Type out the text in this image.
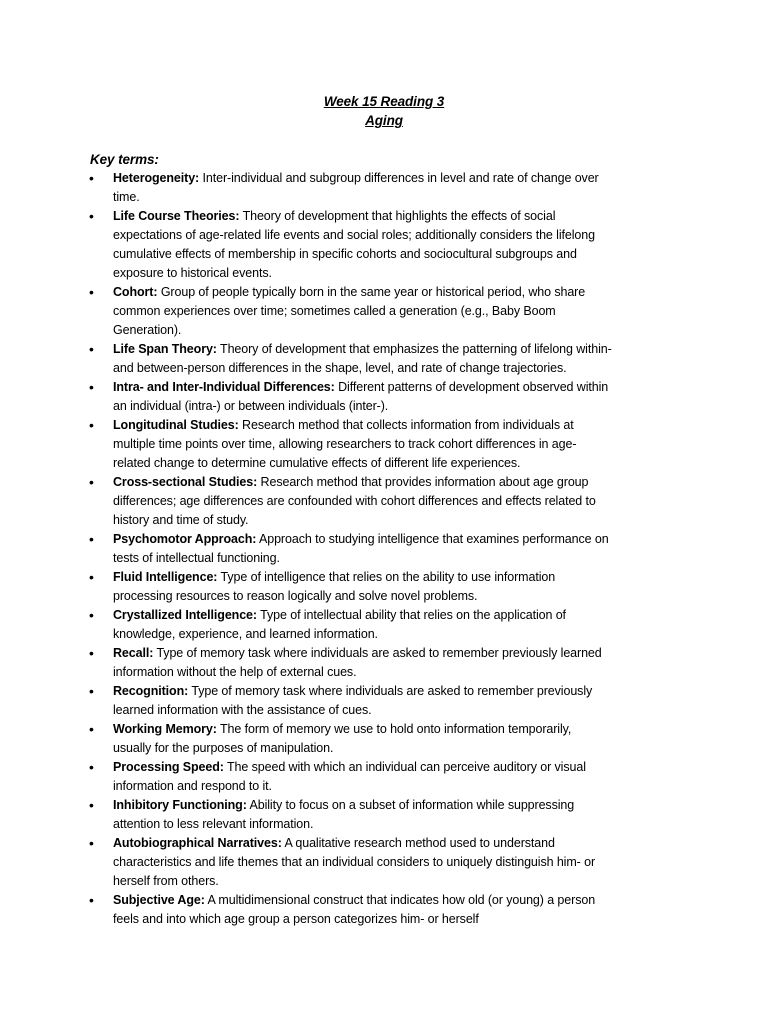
Week 15 Reading 3
Aging
Key terms:
•
Heterogeneity: Inter-individual and subgroup differences in level and rate of change over
time.
•
Life Course Theories: Theory of development that highlights the effects of social
expectations of age-related life events and social roles; additionally considers the lifelong
cumulative effects of membership in specific cohorts and sociocultural subgroups and
exposure to historical events.
•
Cohort: Group of people typically born in the same year or historical period, who share
common experiences over time; sometimes called a generation (e.g., Baby Boom
Generation).
•
Life Span Theory: Theory of development that emphasizes the patterning of lifelong within-
and between-person differences in the shape, level, and rate of change trajectories.
•
Intra- and Inter-Individual Differences: Different patterns of development observed within
an individual (intra-) or between individuals (inter-).
•
Longitudinal Studies: Research method that collects information from individuals at
multiple time points over time, allowing researchers to track cohort differences in age-
related change to determine cumulative effects of different life experiences.
•
Cross-sectional Studies: Research method that provides information about age group
differences; age differences are confounded with cohort differences and effects related to
history and time of study.
•
Psychomotor Approach: Approach to studying intelligence that examines performance on
tests of intellectual functioning.
•
Fluid Intelligence: Type of intelligence that relies on the ability to use information
processing resources to reason logically and solve novel problems.
•
Crystallized Intelligence: Type of intellectual ability that relies on the application of
knowledge, experience, and learned information.
•
Recall: Type of memory task where individuals are asked to remember previously learned
information without the help of external cues.
•
Recognition: Type of memory task where individuals are asked to remember previously
learned information with the assistance of cues.
•
Working Memory: The form of memory we use to hold onto information temporarily,
usually for the purposes of manipulation.
•
Processing Speed: The speed with which an individual can perceive auditory or visual
information and respond to it.
•
Inhibitory Functioning: Ability to focus on a subset of information while suppressing
attention to less relevant information.
•
Autobiographical Narratives: A qualitative research method used to understand
characteristics and life themes that an individual considers to uniquely distinguish him- or
herself from others.
•
Subjective Age: A multidimensional construct that indicates how old (or young) a person
feels and into which age group a person categorizes him- or herself
